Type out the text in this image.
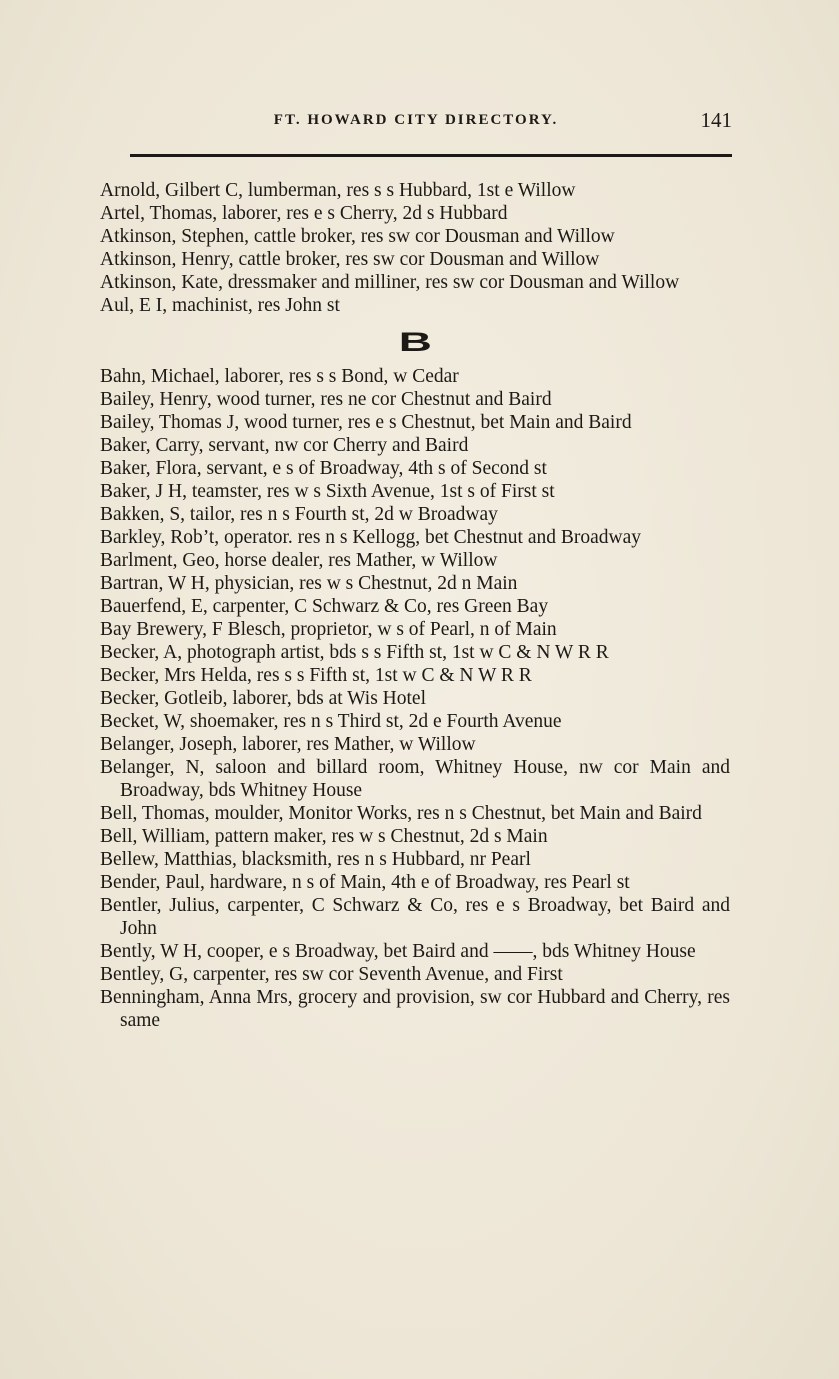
FT. HOWARD CITY DIRECTORY.	141
Arnold, Gilbert C, lumberman, res s s Hubbard, 1st e Willow
Artel, Thomas, laborer, res e s Cherry, 2d s Hubbard
Atkinson, Stephen, cattle broker, res sw cor Dousman and Willow
Atkinson, Henry, cattle broker, res sw cor Dousman and Willow
Atkinson, Kate, dressmaker and milliner, res sw cor Dousman and Willow
Aul, E I, machinist, res John st
B
Bahn, Michael, laborer, res s s Bond, w Cedar
Bailey, Henry, wood turner, res ne cor Chestnut and Baird
Bailey, Thomas J, wood turner, res e s Chestnut, bet Main and Baird
Baker, Carry, servant, nw cor Cherry and Baird
Baker, Flora, servant, e s of Broadway, 4th s of Second st
Baker, J H, teamster, res w s Sixth Avenue, 1st s of First st
Bakken, S, tailor, res n s Fourth st, 2d w Broadway
Barkley, Rob’t, operator. res n s Kellogg, bet Chestnut and Broadway
Barlment, Geo, horse dealer, res Mather, w Willow
Bartran, W H, physician, res w s Chestnut, 2d n Main
Bauerfend, E, carpenter, C Schwarz & Co, res Green Bay
Bay Brewery, F Blesch, proprietor, w s of Pearl, n of Main
Becker, A, photograph artist, bds s s Fifth st, 1st w C & N W R R
Becker, Mrs Helda, res s s Fifth st, 1st w C & N W R R
Becker, Gotleib, laborer, bds at Wis Hotel
Becket, W, shoemaker, res n s Third st, 2d e Fourth Avenue
Belanger, Joseph, laborer, res Mather, w Willow
Belanger, N, saloon and billard room, Whitney House, nw cor Main and Broadway, bds Whitney House
Bell, Thomas, moulder, Monitor Works, res n s Chestnut, bet Main and Baird
Bell, William, pattern maker, res w s Chestnut, 2d s Main
Bellew, Matthias, blacksmith, res n s Hubbard, nr Pearl
Bender, Paul, hardware, n s of Main, 4th e of Broadway, res Pearl st
Bentler, Julius, carpenter, C Schwarz & Co, res e s Broadway, bet Baird and John
Bently, W H, cooper, e s Broadway, bet Baird and ——, bds Whitney House
Bentley, G, carpenter, res sw cor Seventh Avenue, and First
Benningham, Anna Mrs, grocery and provision, sw cor Hubbard and Cherry, res same
